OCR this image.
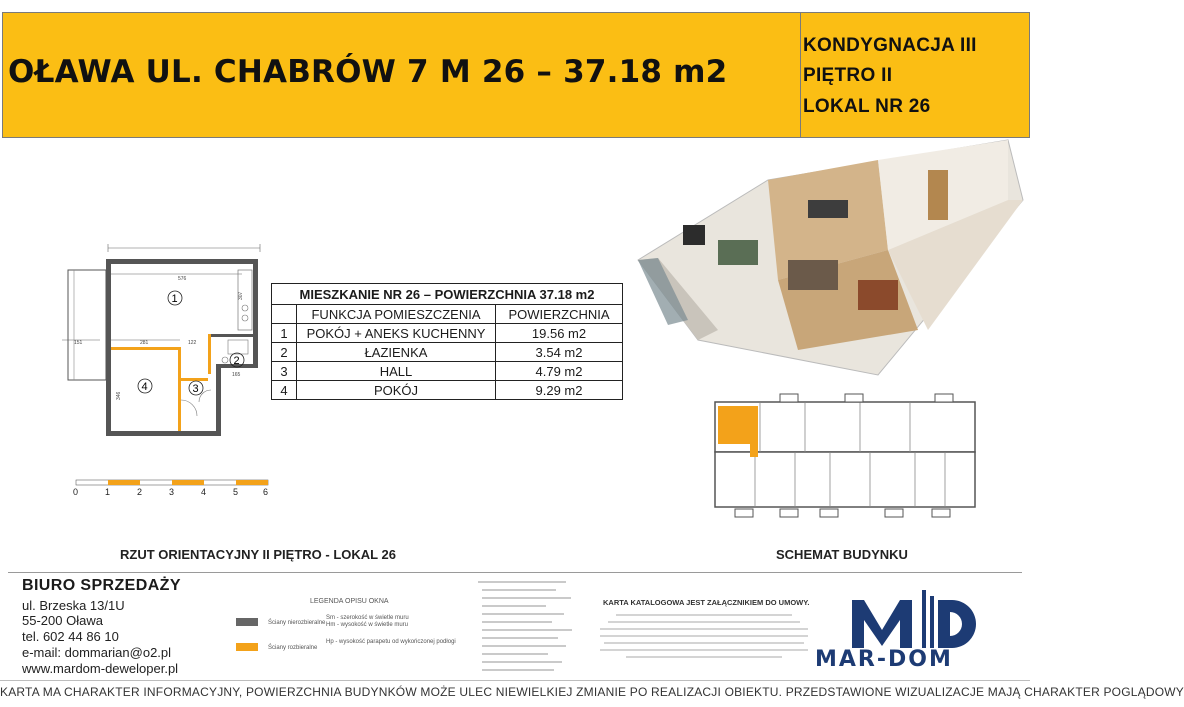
OŁAWA UL. CHABRÓW 7 M 26 – 37.18 m2
KONDYGNACJA III
PIĘTRO II
LOKAL NR 26
1
2
3
4
576
151	281	122
165
307
346
0	1	2	3	4	5	6
RZUT ORIENTACYJNY II PIĘTRO - LOKAL 26
MIESZKANIE NR 26 – POWIERZCHNIA 37.18 m2		
	FUNKCJA POMIESZCZENIA	POWIERZCHNIA
1	POKÓJ + ANEKS KUCHENNY	19.56 m2
2	ŁAZIENKA	3.54 m2
3	HALL	4.79 m2
4	POKÓJ	9.29 m2
SCHEMAT BUDYNKU
BIURO SPRZEDAŻY
ul. Brzeska 13/1U
55-200 Oława
tel. 602 44 86 10
e-mail: dommarian@o2.pl
www.mardom-deweloper.pl
LEGENDA OPISU OKNA
Ściany nierozbieralne
Ściany rozbieralne
Sm - szerokość w świetle muru
Hm - wysokość w świetle muru
Hp - wysokość parapetu od wykończonej podłogi
KARTA KATALOGOWA JEST ZAŁĄCZNIKIEM DO UMOWY.
MAR-DOM
KARTA MA CHARAKTER INFORMACYJNY, POWIERZCHNIA BUDYNKÓW MOŻE ULEC NIEWIELKIEJ ZMIANIE PO REALIZACJI OBIEKTU. PRZEDSTAWIONE WIZUALIZACJE MAJĄ CHARAKTER POGLĄDOWY
